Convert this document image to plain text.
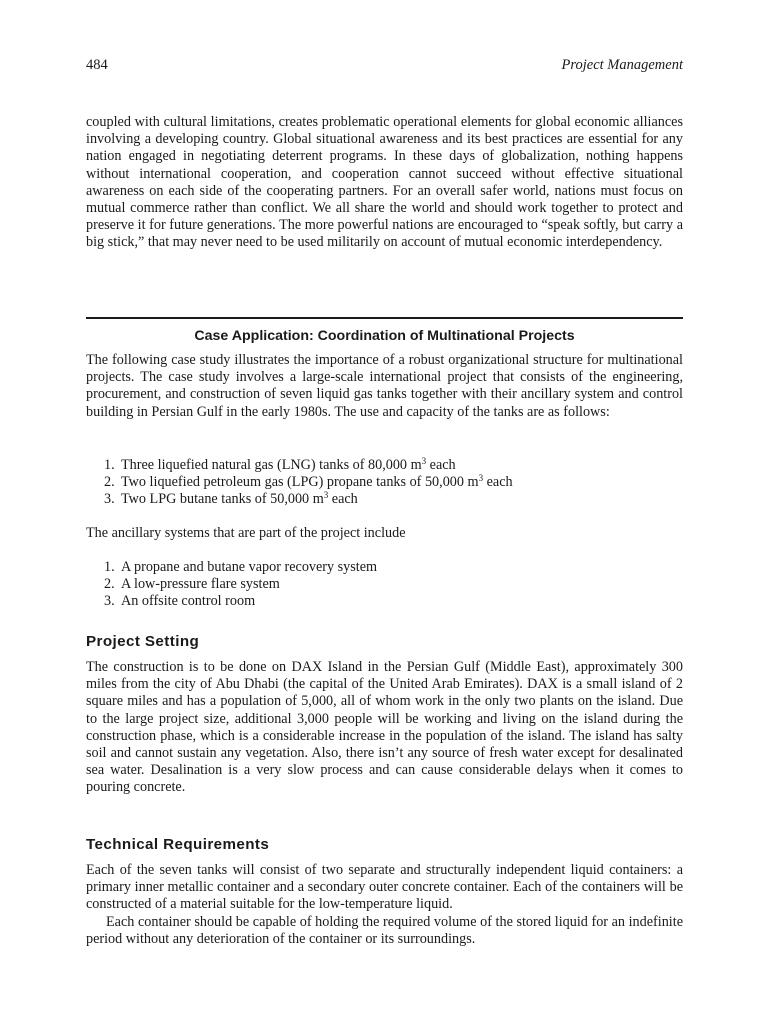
484	Project Management

coupled with cultural limitations, creates problematic operational elements for global economic alliances involving a developing country. Global situational awareness and its best practices are essential for any nation engaged in negotiating deterrent programs. In these days of globalization, nothing happens without international cooperation, and cooperation cannot succeed without effective situational awareness on each side of the cooperating partners. For an overall safer world, nations must focus on mutual commerce rather than conflict. We all share the world and should work together to protect and preserve it for future generations. The more powerful nations are encouraged to “speak softly, but carry a big stick,” that may never need to be used militarily on account of mutual economic interdependency.

Case Application: Coordination of Multinational Projects

The following case study illustrates the importance of a robust organizational structure for multinational projects. The case study involves a large-scale international project that consists of the engineering, procurement, and construction of seven liquid gas tanks together with their ancillary system and control building in Persian Gulf in the early 1980s. The use and capacity of the tanks are as follows:

1. Three liquefied natural gas (LNG) tanks of 80,000 $m^3$ each
2. Two liquefied petroleum gas (LPG) propane tanks of 50,000 $m^3$ each
3. Two LPG butane tanks of 50,000 $m^3$ each

The ancillary systems that are part of the project include

1. A propane and butane vapor recovery system
2. A low-pressure flare system
3. An offsite control room
Project Setting

The construction is to be done on DAX Island in the Persian Gulf (Middle East), approximately 300 miles from the city of Abu Dhabi (the capital of the United Arab Emirates). DAX is a small island of 2 square miles and has a population of 5,000, all of whom work in the only two plants on the island. Due to the large project size, additional 3,000 people will be working and living on the island during the construction phase, which is a considerable increase in the population of the island. The island has salty soil and cannot sustain any vegetation. Also, there isn’t any source of fresh water except for desalinated sea water. Desalination is a very slow process and can cause considerable delays when it comes to pouring concrete.

Technical Requirements

Each of the seven tanks will consist of two separate and structurally independent liquid containers: a primary inner metallic container and a secondary outer concrete container. Each of the containers will be constructed of a material suitable for the low-temperature liquid.

Each container should be capable of holding the required volume of the stored liquid for an indefinite period without any deterioration of the container or its surroundings.
